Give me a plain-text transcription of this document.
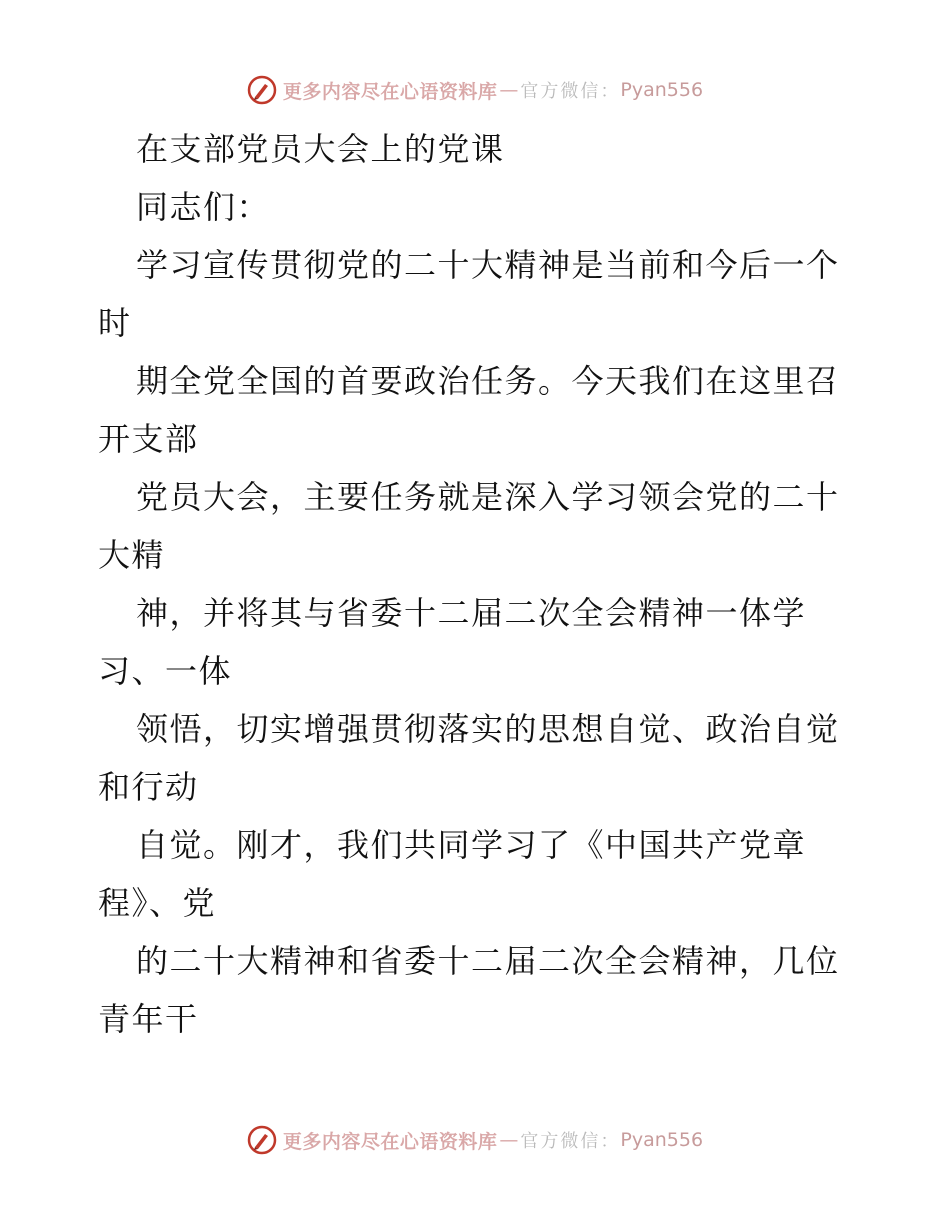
更多内容尽在心语资料库 — 官方微信： Pyan556
在支部党员大会上的党课
同志们：
学习宣传贯彻党的二十大精神是当前和今后一个
时
期全党全国的首要政治任务。今天我们在这里召
开支部
党员大会，主要任务就是深入学习领会党的二十
大精
神，并将其与省委十二届二次全会精神一体学
习、一体
领悟，切实增强贯彻落实的思想自觉、政治自觉
和行动
自觉。刚才，我们共同学习了《中国共产党章
程》、党
的二十大精神和省委十二届二次全会精神，几位
青年干
更多内容尽在心语资料库 — 官方微信： Pyan556
